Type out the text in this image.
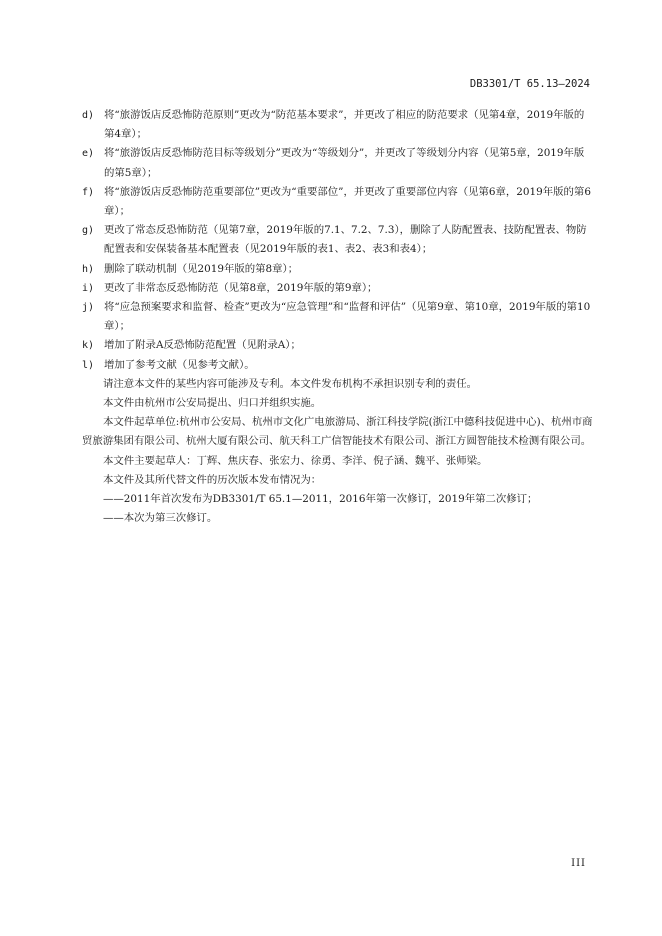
DB3301/T 65.13—2024
d) 将“旅游饭店反恐怖防范原则”更改为“防范基本要求”，并更改了相应的防范要求（见第4章，2019年版的第4章）；
e) 将“旅游饭店反恐怖防范目标等级划分”更改为“等级划分”，并更改了等级划分内容（见第5章，2019年版的第5章）；
f) 将“旅游饭店反恐怖防范重要部位”更改为“重要部位”，并更改了重要部位内容（见第6章，2019年版的第6章）；
g) 更改了常态反恐怖防范（见第7章，2019年版的7.1、7.2、7.3），删除了人防配置表、技防配置表、物防配置表和安保装备基本配置表（见2019年版的表1、表2、表3和表4）；
h) 删除了联动机制（见2019年版的第8章）；
i) 更改了非常态反恐怖防范（见第8章，2019年版的第9章）；
j) 将“应急预案要求和监督、检查”更改为“应急管理”和“监督和评估”（见第9章、第10章，2019年版的第10章）；
k) 增加了附录A反恐怖防范配置（见附录A）；
l) 增加了参考文献（见参考文献）。
请注意本文件的某些内容可能涉及专利。本文件发布机构不承担识别专利的责任。
本文件由杭州市公安局提出、归口并组织实施。
本文件起草单位:杭州市公安局、杭州市文化广电旅游局、浙江科技学院(浙江中德科技促进中心)、杭州市商贸旅游集团有限公司、杭州大厦有限公司、航天科工广信智能技术有限公司、浙江方圆智能技术检测有限公司。
本文件主要起草人：丁辉、焦庆春、张宏力、徐勇、李洋、倪子涵、魏平、张师梁。
本文件及其所代替文件的历次版本发布情况为：
——2011年首次发布为DB3301/T 65.1—2011，2016年第一次修订，2019年第二次修订；
——本次为第三次修订。
III
